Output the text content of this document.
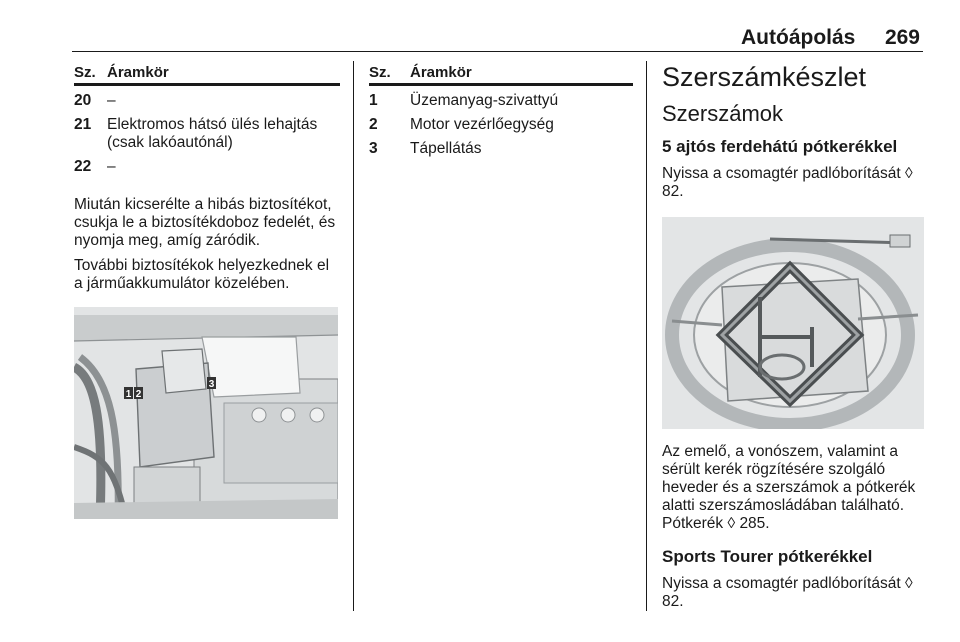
Autóápolás 269
Sz. Áramkör
20	–
21	Elektromos hátsó ülés lehajtás (csak lakóautónál)
22	–

Miután kicserélte a hibás biztosítékot, csukja le a biztosítékdoboz fedelét, és nyomja meg, amíg záródik.

További biztosítékok helyezkednek el a járműakkumulátor közelében.

1 2
3
Sz.	Áramkör
1	Üzemanyag-szivattyú
2	Motor vezérlőegység
3	Tápellátás
Szerszámkészlet
Szerszámok
5 ajtós ferdehátú pótkerékkel

Nyissa a csomagtér padlóborítását ◊ 82.

Az emelő, a vonószem, valamint a sérült kerék rögzítésére szolgáló heveder és a szerszámok a pótkerék alatti szerszámosládában található. Pótkerék ◊ 285.

Sports Tourer pótkerékkel

Nyissa a csomagtér padlóborítását ◊ 82.
